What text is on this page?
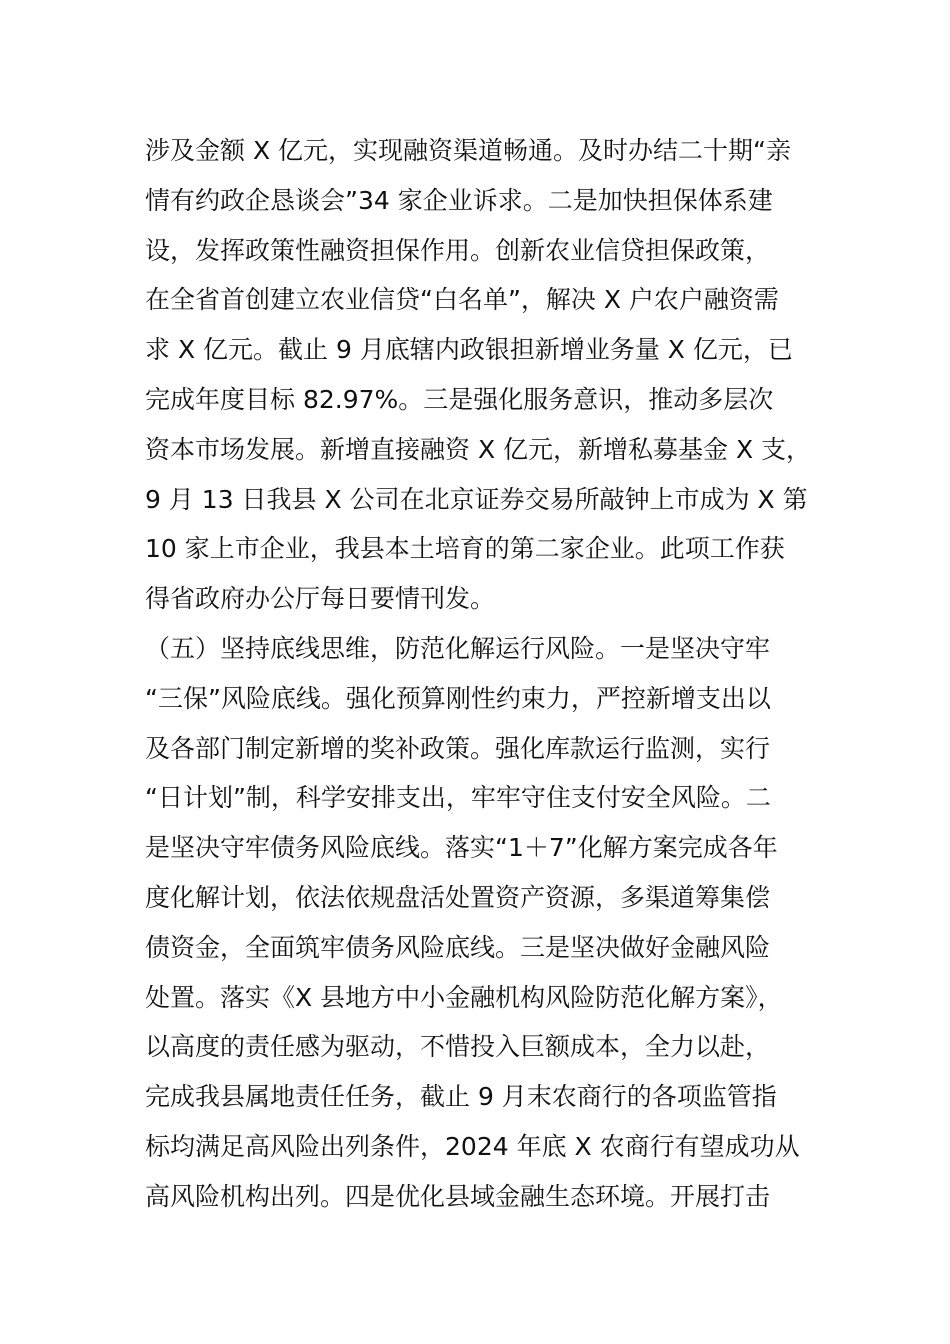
涉及金额 X 亿元，实现融资渠道畅通。及时办结二十期“亲
情有约政企恳谈会”34 家企业诉求。二是加快担保体系建
设，发挥政策性融资担保作用。创新农业信贷担保政策，
在全省首创建立农业信贷“白名单”，解决 X 户农户融资需
求 X 亿元。截止 9 月底辖内政银担新增业务量 X 亿元，已
完成年度目标 82.97%。三是强化服务意识，推动多层次
资本市场发展。新增直接融资 X 亿元，新增私募基金 X 支，
9 月 13 日我县 X 公司在北京证券交易所敲钟上市成为 X 第
10 家上市企业，我县本土培育的第二家企业。此项工作获
得省政府办公厅每日要情刊发。
（五）坚持底线思维，防范化解运行风险。一是坚决守牢
“三保”风险底线。强化预算刚性约束力，严控新增支出以
及各部门制定新增的奖补政策。强化库款运行监测，实行
“日计划”制，科学安排支出，牢牢守住支付安全风险。二
是坚决守牢债务风险底线。落实“1＋7”化解方案完成各年
度化解计划，依法依规盘活处置资产资源，多渠道筹集偿
债资金，全面筑牢债务风险底线。三是坚决做好金融风险
处置。落实《X 县地方中小金融机构风险防范化解方案》，
以高度的责任感为驱动，不惜投入巨额成本，全力以赴，
完成我县属地责任任务，截止 9 月末农商行的各项监管指
标均满足高风险出列条件，2024 年底 X 农商行有望成功从
高风险机构出列。四是优化县域金融生态环境。开展打击
